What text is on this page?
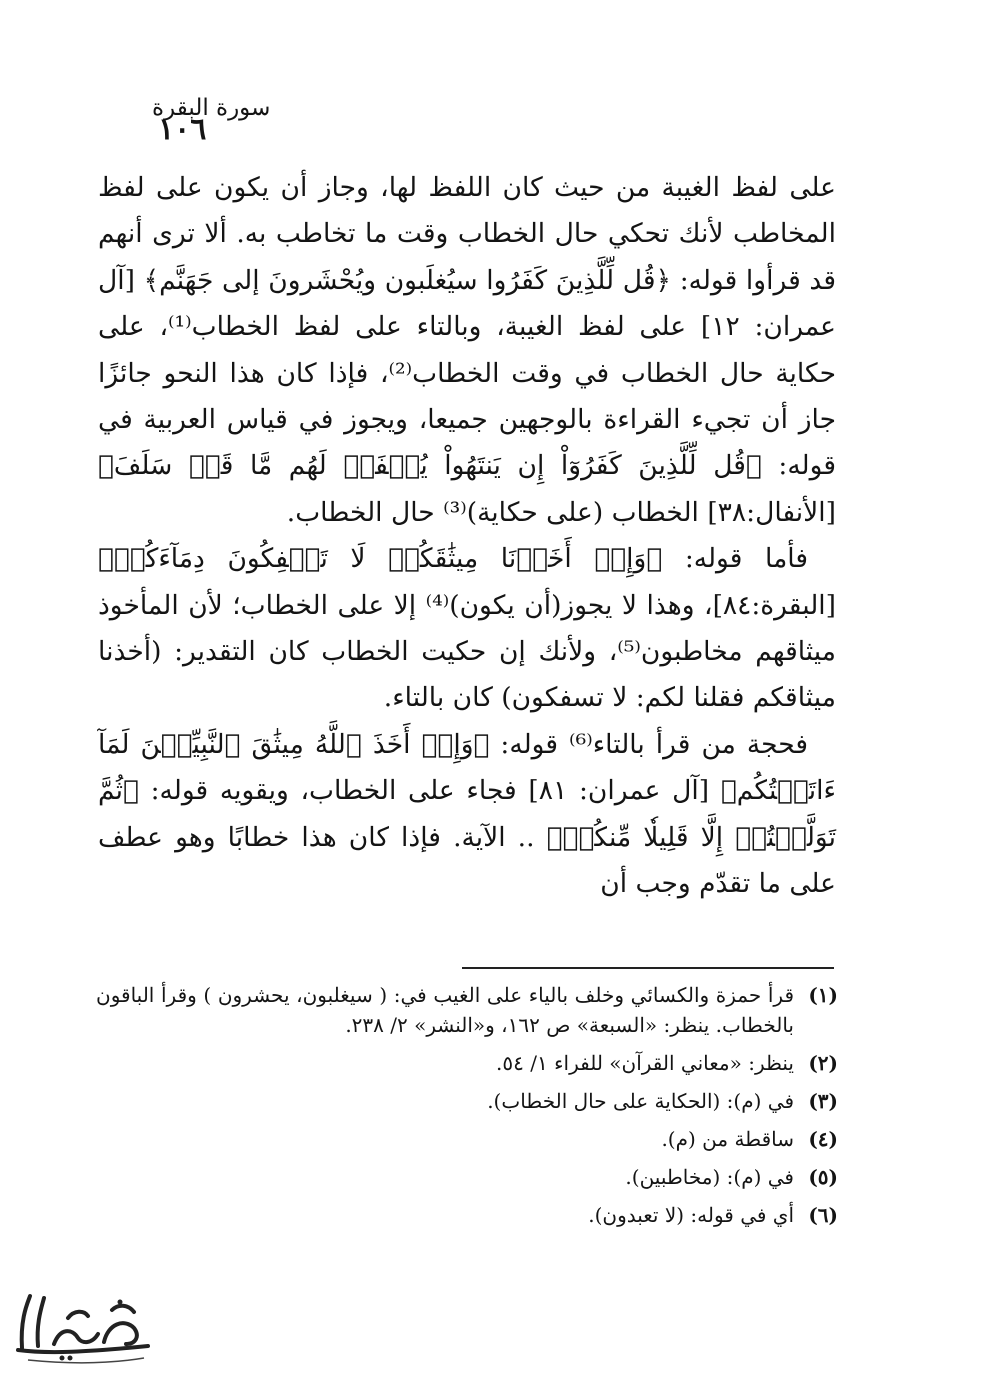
١٠٦
سورة البقرة

على لفظ الغيبة من حيث كان اللفظ لها، وجاز أن يكون على لفظ المخاطب لأنك تحكي حال الخطاب وقت ما تخاطب به. ألا ترى أنهم قد قرأوا قوله: ﴿قُل لِّلَّذِينَ كَفَرُوا سيُغلَبون ويُحْشَرونَ إلى جَهَنَّم﴾ [آل عمران: ١٢] على لفظ الغيبة، وبالتاء على لفظ الخطاب⁽¹⁾، على حكاية حال الخطاب في وقت الخطاب⁽²⁾، فإذا كان هذا النحو جائزًا جاز أن تجيء القراءة بالوجهين جميعا، ويجوز في قياس العربية في قوله: ﴿قُل لِّلَّذِينَ كَفَرُوٓاْ إِن يَنتَهُواْ يُغۡفَرۡ لَهُم مَّا قَدۡ سَلَفَ﴾ [الأنفال:٣٨] الخطاب (على حكاية)⁽³⁾ حال الخطاب.

فأما قوله: ﴿وَإِذۡ أَخَذۡنَا مِيثَٰقَكُمۡ لَا تَسۡفِكُونَ دِمَآءَكُمۡ﴾ [البقرة:٨٤]، وهذا لا يجوز(أن يكون)⁽⁴⁾ إلا على الخطاب؛ لأن المأخوذ ميثاقهم مخاطبون⁽⁵⁾، ولأنك إن حكيت الخطاب كان التقدير: (أخذنا ميثاقكم فقلنا لكم: لا تسفكون) كان بالتاء.

فحجة من قرأ بالتاء⁽⁶⁾ قوله: ﴿وَإِذۡ أَخَذَ ٱللَّهُ مِيثَٰقَ ٱلنَّبِيِّـۧنَ لَمَآ ءَاتَيۡتُكُم﴾ [آل عمران: ٨١] فجاء على الخطاب، ويقويه قوله: ﴿ثُمَّ تَوَلَّيۡتُمۡ إِلَّا قَلِيلٗا مِّنكُمۡ﴾ .. الآية. فإذا كان هذا خطابًا وهو عطف على ما تقدّم وجب أن

(١)
قرأ حمزة والكسائي وخلف بالياء على الغيب في: ( سيغلبون، يحشرون ) وقرأ الباقون بالخطاب. ينظر: «السبعة» ص ١٦٢، و«النشر» ٢/ ٢٣٨.
(٢)
ينظر: «معاني القرآن» للفراء ١/ ٥٤.
(٣)
في (م): (الحكاية على حال الخطاب).
(٤)
ساقطة من (م).
(٥)
في (م): (مخاطبين).
(٦)
أي في قوله: (لا تعبدون).
